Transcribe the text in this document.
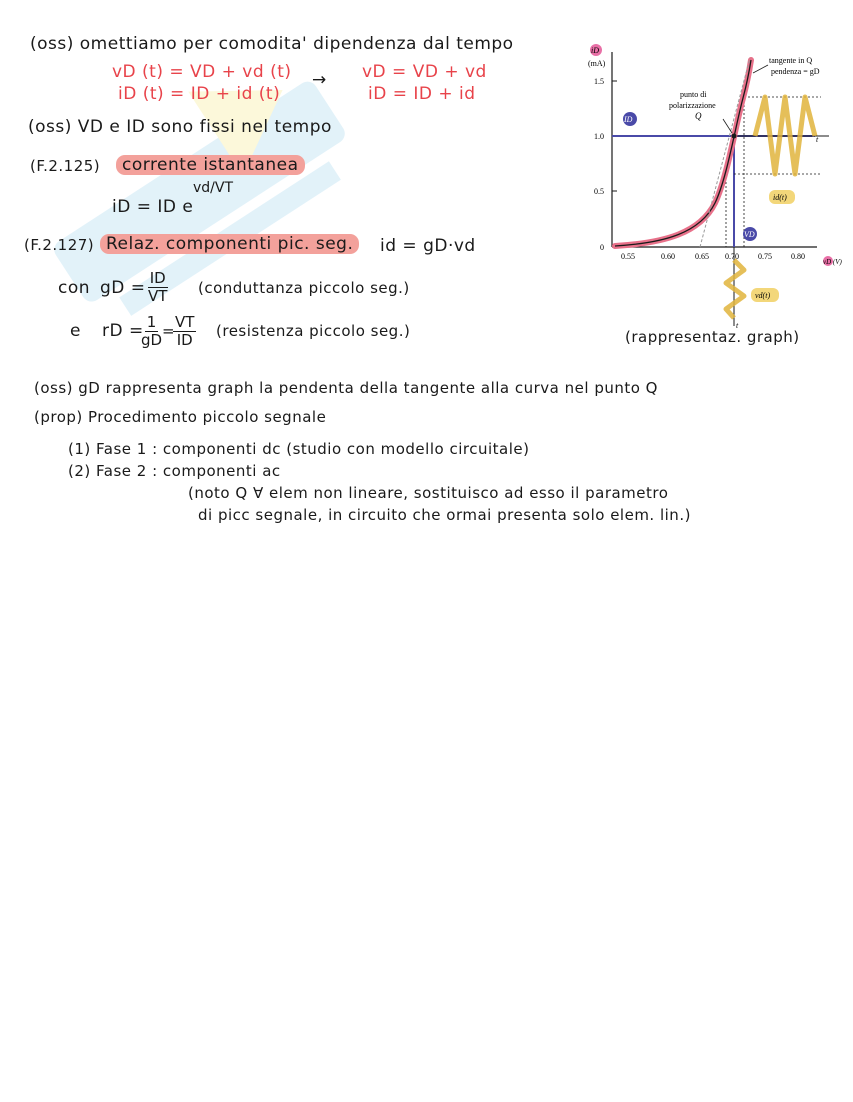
(oss) omettiamo per comodita' dipendenza dal tempo
vD (t) = VD + vd (t)
iD (t) = ID + id (t)
→ vD = VD + vd
iD = ID + id
(oss) VD e ID sono fissi nel tempo
(F.2.125)	corrente istantanea
iD = ID e
vd/VT
(F.2.127) Relaz. componenti pic. seg.	id = gD·vd
con gD = $\frac{ID}{VT}$ (conduttanza piccolo seg.)
e rD =
$\frac{1}{gD}$
=
$\frac{VT}{ID}$ (resistenza piccolo seg.)
0
0.5
1.0
1.5
0.55	0.60	0.65 0.70 0.75 0.80
iD
(mA)
vD (V)
t
t
tangente in Q
pendenza = gD
punto di
polarizzazione
Q
ID
VD
id(t)
vd(t)
(rappresentaz. graph)
(oss) gD rappresenta graph la pendenta della tangente alla curva nel punto Q
(prop) Procedimento piccolo segnale
(1) Fase 1 : componenti dc (studio con modello circuitale)
(2) Fase 2 : componenti ac
(noto Q ∀ elem non lineare, sostituisco ad esso il parametro
di picc segnale, in circuito che ormai presenta solo elem. lin.)
